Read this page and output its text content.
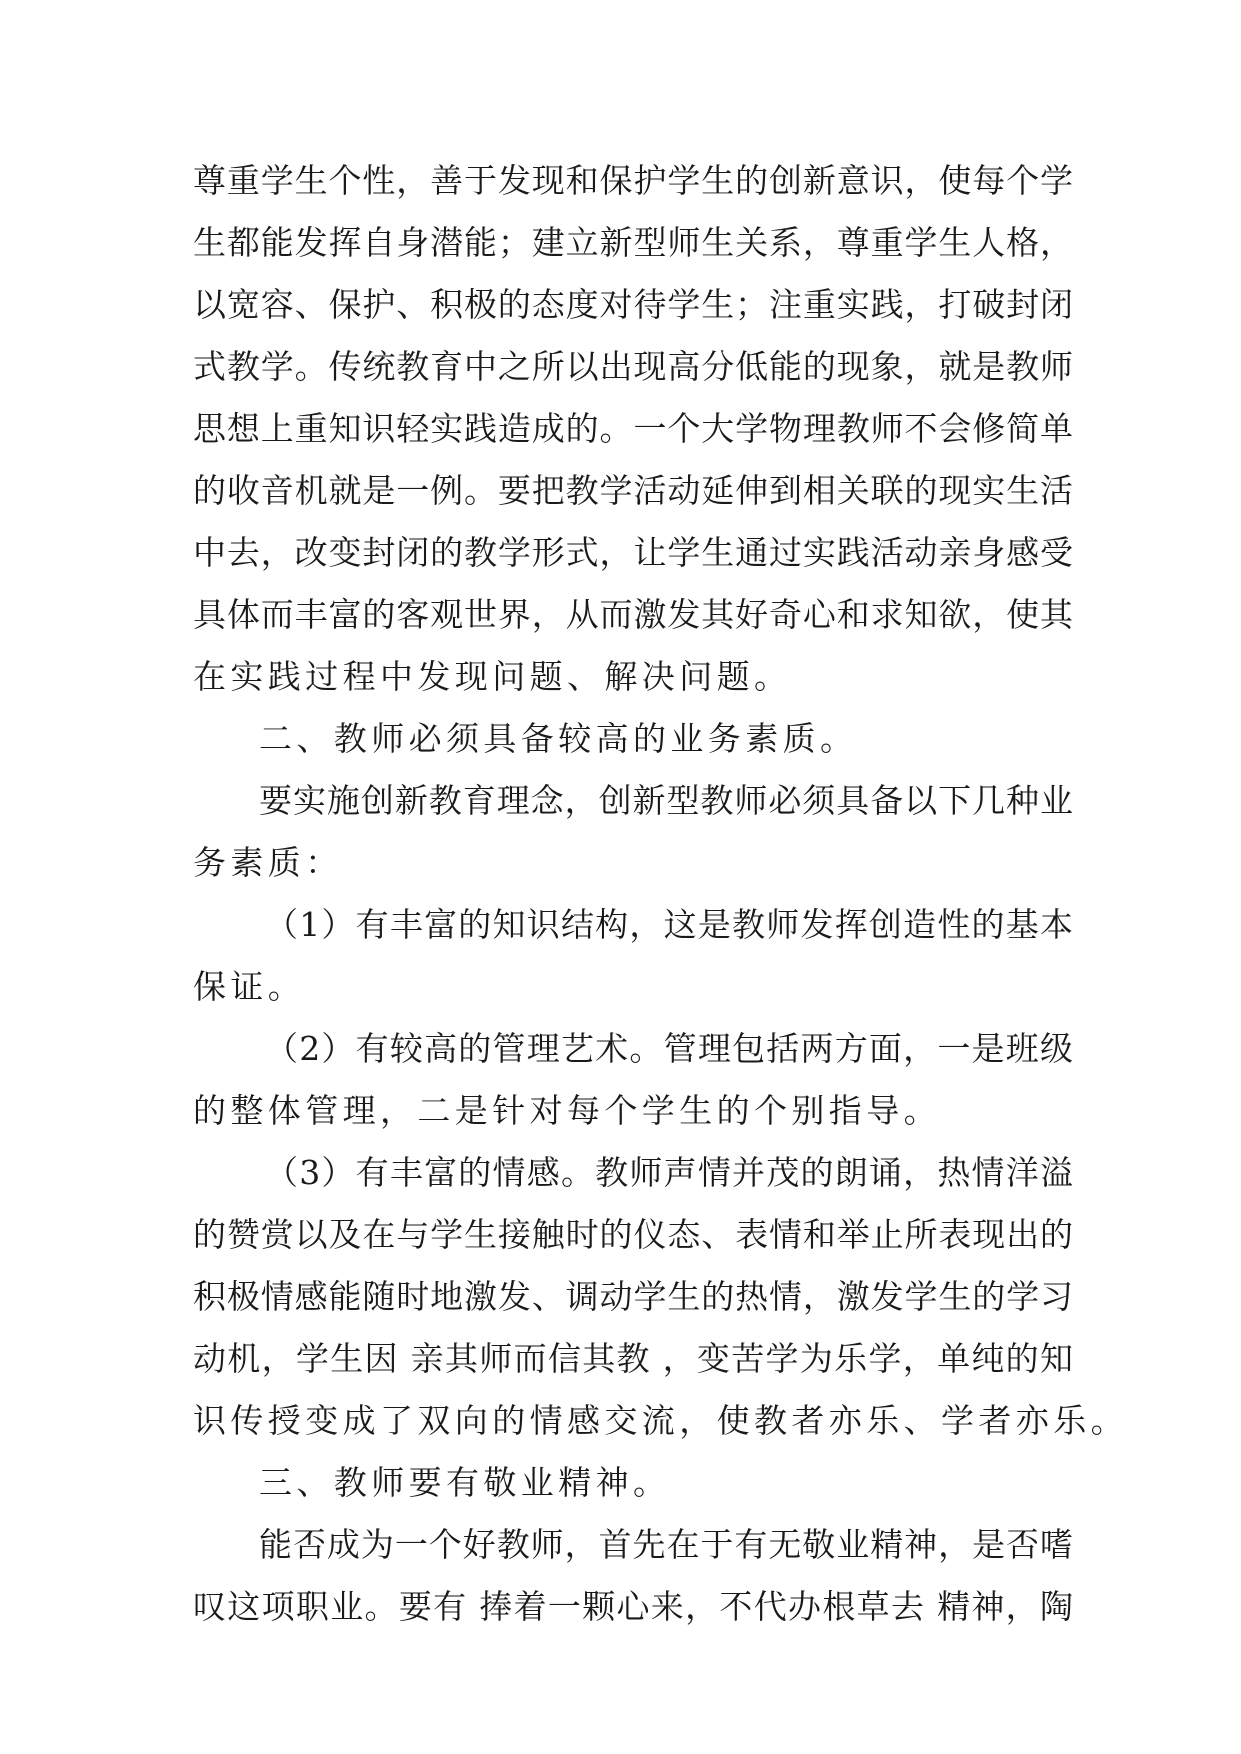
尊重学生个性，善于发现和保护学生的创新意识，使每个学
生都能发挥自身潜能；建立新型师生关系，尊重学生人格，
以宽容、保护、积极的态度对待学生；注重实践，打破封闭
式教学。传统教育中之所以出现高分低能的现象，就是教师
思想上重知识轻实践造成的。一个大学物理教师不会修简单
的收音机就是一例。要把教学活动延伸到相关联的现实生活
中去，改变封闭的教学形式，让学生通过实践活动亲身感受
具体而丰富的客观世界，从而激发其好奇心和求知欲，使其
在实践过程中发现问题、解决问题。
二、教师必须具备较高的业务素质。
要实施创新教育理念，创新型教师必须具备以下几种业
务素质：
（1）有丰富的知识结构，这是教师发挥创造性的基本
保证。
（2）有较高的管理艺术。管理包括两方面，一是班级
的整体管理，二是针对每个学生的个别指导。
（3）有丰富的情感。教师声情并茂的朗诵，热情洋溢
的赞赏以及在与学生接触时的仪态、表情和举止所表现出的
积极情感能随时地激发、调动学生的热情，激发学生的学习
动机，学生因 亲其师而信其教 ，变苦学为乐学，单纯的知
识传授变成了双向的情感交流，使教者亦乐、学者亦乐。
三、教师要有敬业精神。
能否成为一个好教师，首先在于有无敬业精神，是否嗜
叹这项职业。要有 捧着一颗心来，不代办根草去 精神，陶
